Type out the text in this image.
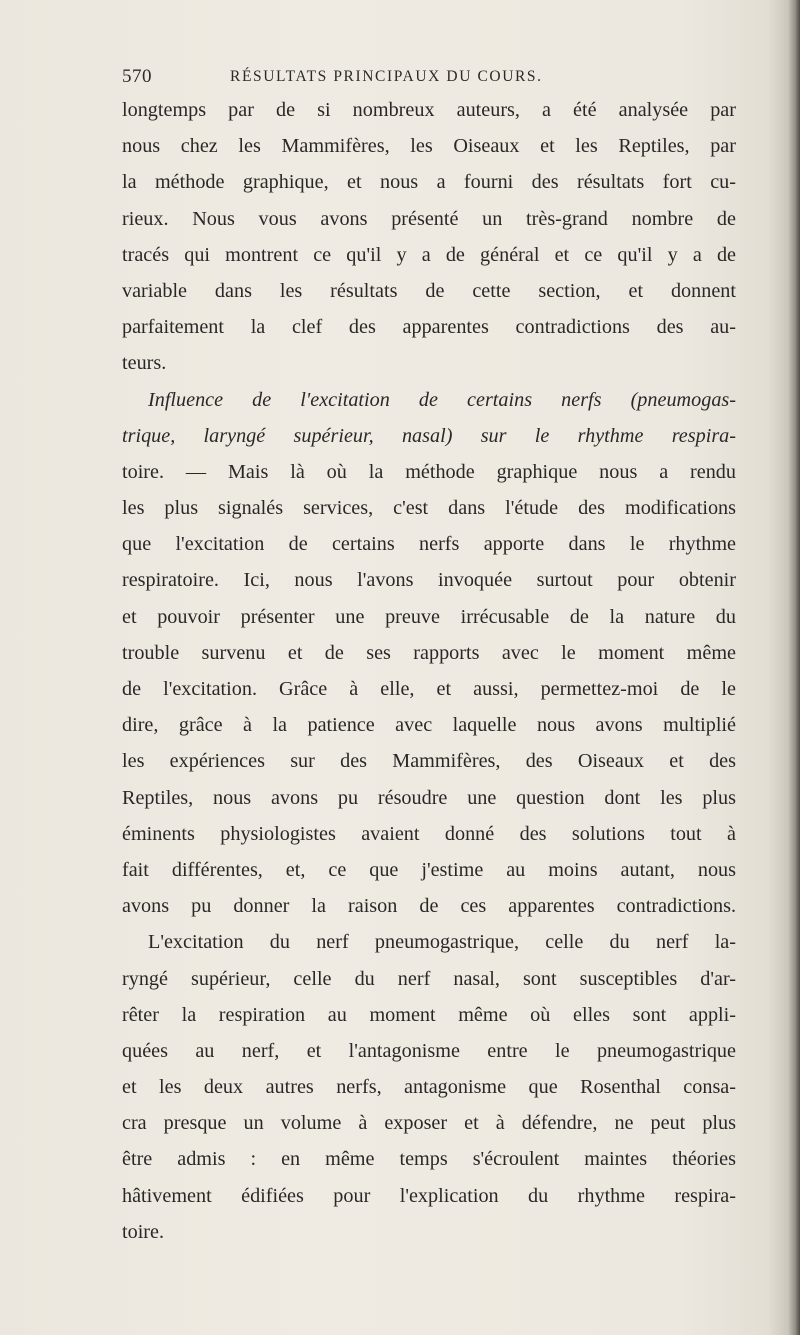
570	RÉSULTATS PRINCIPAUX DU COURS.
longtemps par de si nombreux auteurs, a été analysée par
nous chez les Mammifères, les Oiseaux et les Reptiles, par
la méthode graphique, et nous a fourni des résultats fort cu-
rieux. Nous vous avons présenté un très-grand nombre de
tracés qui montrent ce qu'il y a de général et ce qu'il y a de
variable dans les résultats de cette section, et donnent
parfaitement la clef des apparentes contradictions des au-
teurs.
Influence de l'excitation de certains nerfs (pneumogas-
trique, laryngé supérieur, nasal) sur le rhythme respira-
toire. — Mais là où la méthode graphique nous a rendu
les plus signalés services, c'est dans l'étude des modifications
que l'excitation de certains nerfs apporte dans le rhythme
respiratoire. Ici, nous l'avons invoquée surtout pour obtenir
et pouvoir présenter une preuve irrécusable de la nature du
trouble survenu et de ses rapports avec le moment même
de l'excitation. Grâce à elle, et aussi, permettez-moi de le
dire, grâce à la patience avec laquelle nous avons multiplié
les expériences sur des Mammifères, des Oiseaux et des
Reptiles, nous avons pu résoudre une question dont les plus
éminents physiologistes avaient donné des solutions tout à
fait différentes, et, ce que j'estime au moins autant, nous
avons pu donner la raison de ces apparentes contradictions.
L'excitation du nerf pneumogastrique, celle du nerf la-
ryngé supérieur, celle du nerf nasal, sont susceptibles d'ar-
rêter la respiration au moment même où elles sont appli-
quées au nerf, et l'antagonisme entre le pneumogastrique
et les deux autres nerfs, antagonisme que Rosenthal consa-
cra presque un volume à exposer et à défendre, ne peut plus
être admis : en même temps s'écroulent maintes théories
hâtivement édifiées pour l'explication du rhythme respira-
toire.
